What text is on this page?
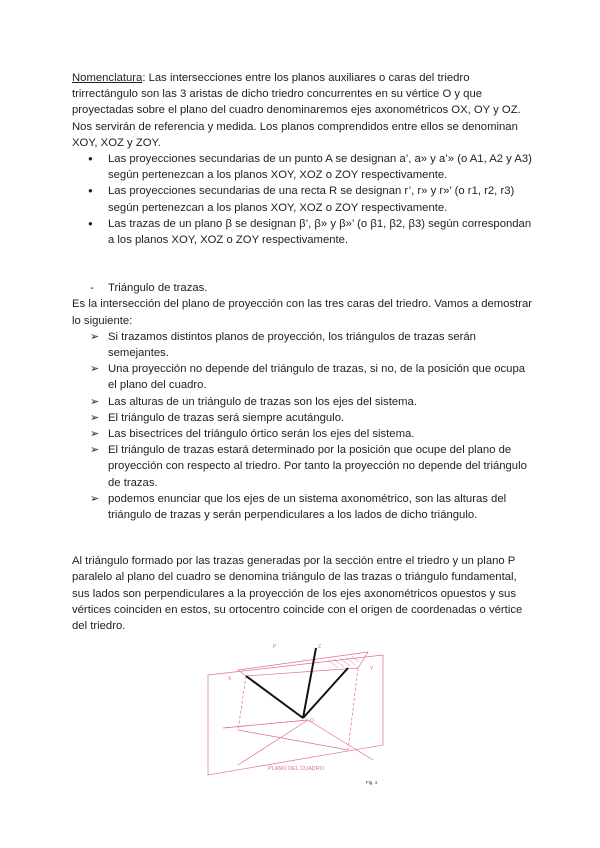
Nomenclatura: Las intersecciones entre los planos auxiliares o caras del triedro trirrectángulo son las 3 aristas de dicho triedro concurrentes en su vértice O y que proyectadas sobre el plano del cuadro denominaremos ejes axonométricos OX, OY y OZ. Nos servirán de referencia y medida. Los planos comprendidos entre ellos se denominan XOY, XOZ y ZOY.

● Las proyecciones secundarias de un punto A se designan a’, a» y a’» (o A1, A2 y A3) según pertenezcan a los planos XOY, XOZ o ZOY respectivamente.
● Las proyecciones secundarias de una recta R se designan r’, r» y r»’ (o r1, r2, r3) según pertenezcan a los planos XOY, XOZ o ZOY respectivamente.
● Las trazas de un plano β se designan β’, β» y β»’ (o β1, β2, β3) según correspondan a los planos XOY, XOZ o ZOY respectivamente.
- Triángulo de trazas.

Es la intersección del plano de proyección con las tres caras del triedro. Vamos a demostrar lo siguiente:

➢ Si trazamos distintos planos de proyección, los triángulos de trazas serán semejantes.
➢ Una proyección no depende del triángulo de trazas, si no, de la posición que ocupa el plano del cuadro.
➢ Las alturas de un triángulo de trazas son los ejes del sistema.
➢ El triángulo de trazas será siempre acutángulo.
➢ Las bisectrices del triángulo órtico serán los ejes del sistema.
➢ El triángulo de trazas estará determinado por la posición que ocupe del plano de proyección con respecto al triedro. Por tanto la proyección no depende del triángulo de trazas.
➢ podemos enunciar que los ejes de un sistema axonométrico, son las alturas del triángulo de trazas y serán perpendiculares a los lados de dicho triángulo.

Al triángulo formado por las trazas generadas por la sección entre el triedro y un plano P paralelo al plano del cuadro se denomina triángulo de las trazas o triángulo fundamental, sus lados son perpendiculares a la proyección de los ejes axonométricos opuestos y sus vértices coinciden en estos, su ortocentro coincide con el origen de coordenadas o vértice del triedro.

P
O
X
Y
Z
PLANO DEL CUADRO
Fig. 4
